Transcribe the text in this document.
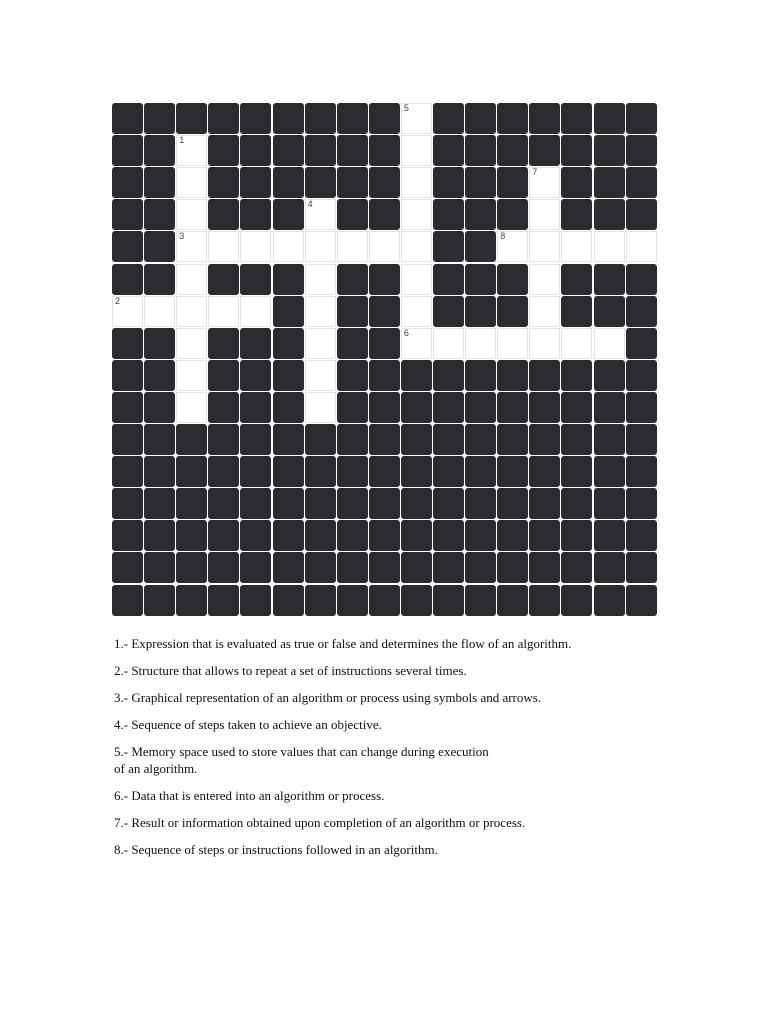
5
1
7
4
3	8
2
6
1.- Expression that is evaluated as true or false and determines the flow of an algorithm.
2.- Structure that allows to repeat a set of instructions several times.
3.- Graphical representation of an algorithm or process using symbols and arrows.
4.- Sequence of steps taken to achieve an objective.
5.- Memory space used to store values that can change during execution
of an algorithm.
6.- Data that is entered into an algorithm or process.
7.- Result or information obtained upon completion of an algorithm or process.
8.- Sequence of steps or instructions followed in an algorithm.
